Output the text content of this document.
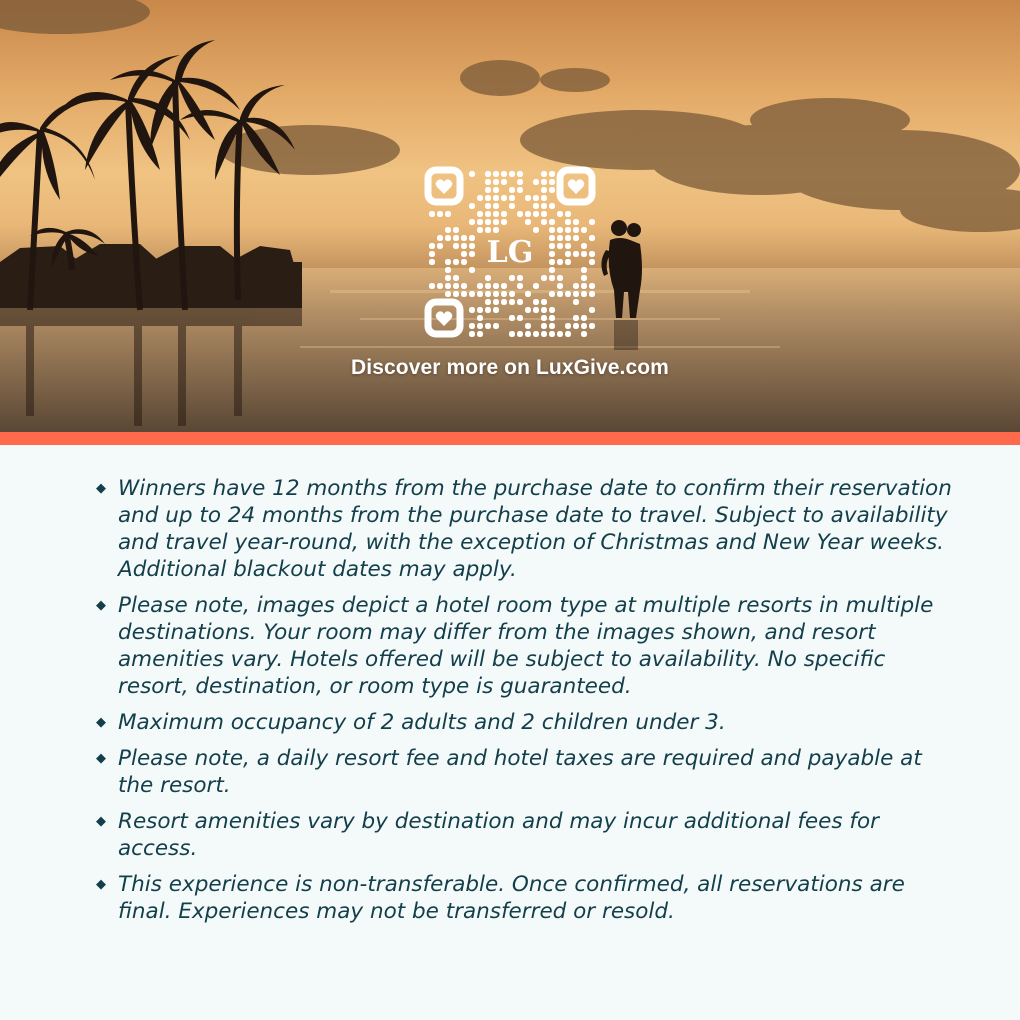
LG
Discover more on LuxGive.com
◆ Winners have 12 months from the purchase date to confirm their reservation and up to 24 months from the purchase date to travel. Subject to availability and travel year-round, with the exception of Christmas and New Year weeks. Additional blackout dates may apply.
◆ Please note, images depict a hotel room type at multiple resorts in multiple destinations. Your room may differ from the images shown, and resort amenities vary. Hotels offered will be subject to availability. No specific resort, destination, or room type is guaranteed.
◆ Maximum occupancy of 2 adults and 2 children under 3.
◆ Please note, a daily resort fee and hotel taxes are required and payable at the resort.
◆ Resort amenities vary by destination and may incur additional fees for access.
◆ This experience is non-transferable. Once confirmed, all reservations are final. Experiences may not be transferred or resold.
